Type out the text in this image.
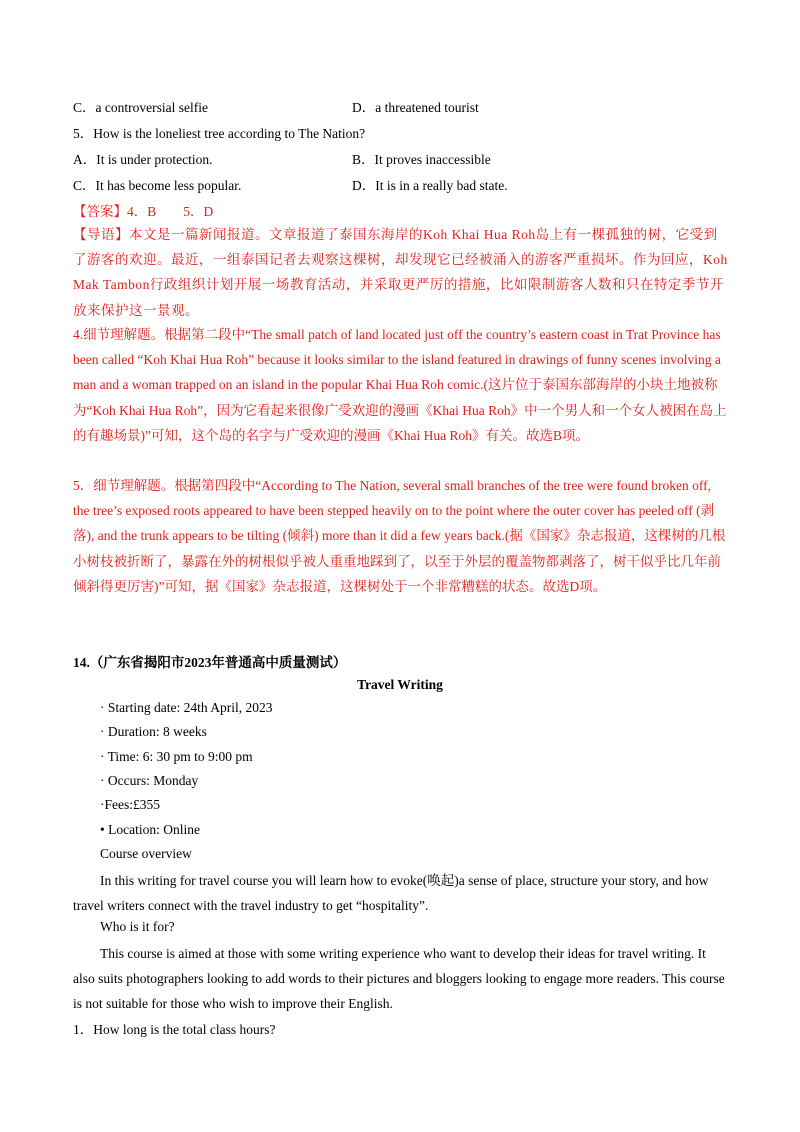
C．a controversial selfie	D．a threatened tourist
5．How is the loneliest tree according to The Nation?
A．It is under protection.	B．It proves inaccessible
C．It has become less popular.	D．It is in a really bad state.
【答案】4．B　　5．D
【导语】本文是一篇新闻报道。文章报道了泰国东海岸的Koh Khai Hua Roh岛上有一棵孤独的树，它受到了游客的欢迎。最近，一组泰国记者去观察这棵树，却发现它已经被涌入的游客严重损坏。作为回应，Koh Mak Tambon行政组织计划开展一场教育活动，并采取更严厉的措施，比如限制游客人数和只在特定季节开放来保护这一景观。
4.细节理解题。根据第二段中“The small patch of land located just off the country’s eastern coast in Trat Province has been called “Koh Khai Hua Roh” because it looks similar to the island featured in drawings of funny scenes involving a man and a woman trapped on an island in the popular Khai Hua Roh comic.(这片位于泰国东部海岸的小块土地被称为“Koh Khai Hua Roh”，因为它看起来很像广受欢迎的漫画《Khai Hua Roh》中一个男人和一个女人被困在岛上的有趣场景)”可知，这个岛的名字与广受欢迎的漫画《Khai Hua Roh》有关。故选B项。
5．细节理解题。根据第四段中“According to The Nation, several small branches of the tree were found broken off, the tree’s exposed roots appeared to have been stepped heavily on to the point where the outer cover has peeled off (剥落), and the trunk appears to be tilting (倾斜) more than it did a few years back.(据《国家》杂志报道，这棵树的几根小树枝被折断了，暴露在外的树根似乎被人重重地踩到了，以至于外层的覆盖物都剥落了，树干似乎比几年前倾斜得更厉害)”可知，据《国家》杂志报道，这棵树处于一个非常糟糕的状态。故选D项。
14.（广东省揭阳市2023年普通高中质量测试）
Travel Writing
· Starting date: 24th April, 2023
· Duration: 8 weeks
· Time: 6: 30 pm to 9:00 pm
· Occurs: Monday
·Fees:£355
• Location: Online
Course overview
In this writing for travel course you will learn how to evoke(唤起)a sense of place, structure your story, and how travel writers connect with the travel industry to get “hospitality”.
Who is it for?
This course is aimed at those with some writing experience who want to develop their ideas for travel writing. It also suits photographers looking to add words to their pictures and bloggers looking to engage more readers. This course is not suitable for those who wish to improve their English.
1．How long is the total class hours?
